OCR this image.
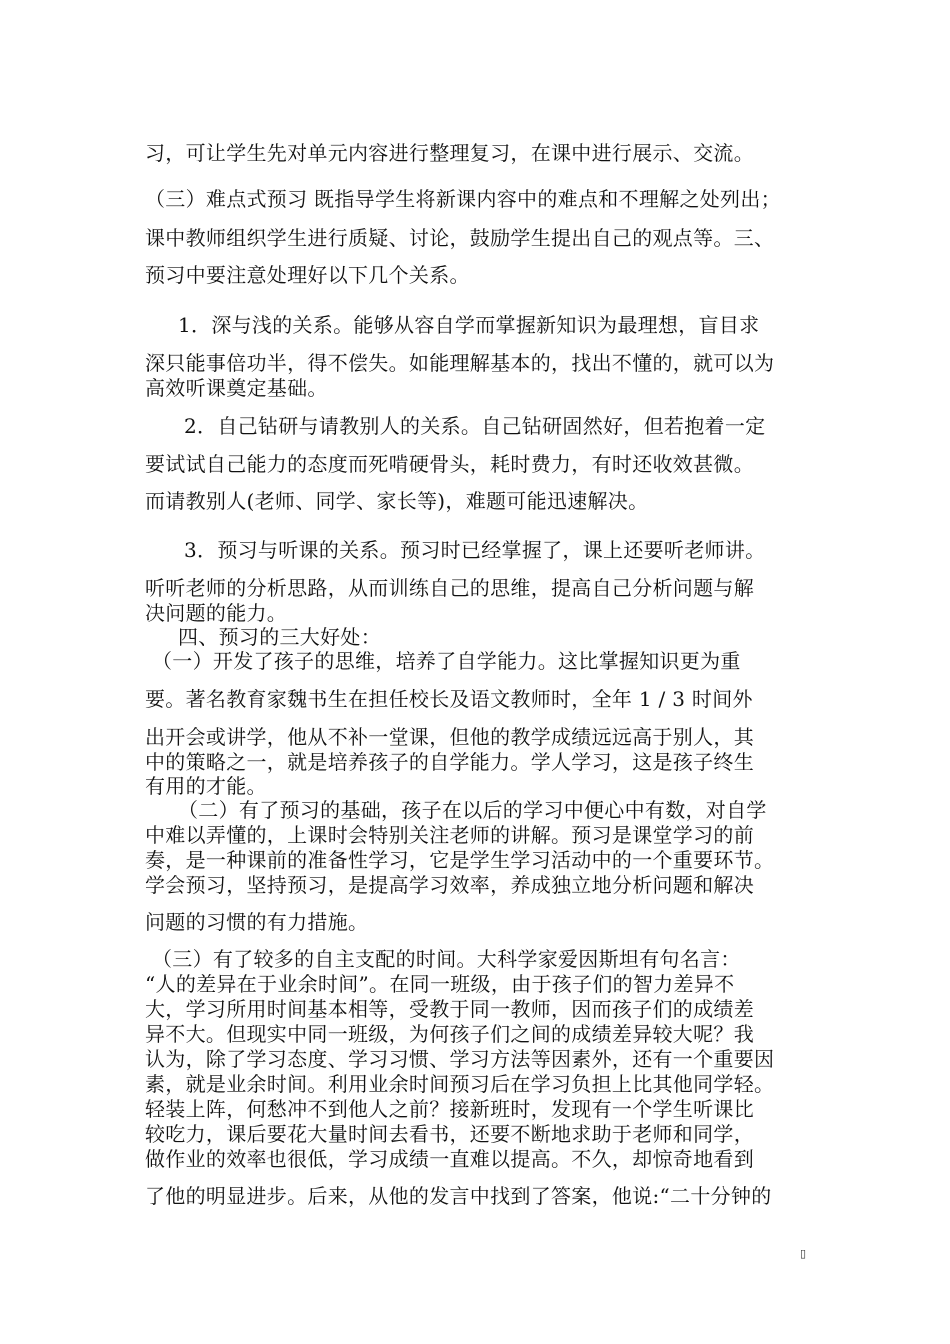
习，可让学生先对单元内容进行整理复习，在课中进行展示、交流。
（三）难点式预习 既指导学生将新课内容中的难点和不理解之处列出；
课中教师组织学生进行质疑、讨论，鼓励学生提出自己的观点等。三、
预习中要注意处理好以下几个关系。
1．深与浅的关系。能够从容自学而掌握新知识为最理想，盲目求
深只能事倍功半，得不偿失。如能理解基本的，找出不懂的，就可以为
高效听课奠定基础。
2．自己钻研与请教别人的关系。自己钻研固然好，但若抱着一定
要试试自己能力的态度而死啃硬骨头，耗时费力，有时还收效甚微。
而请教别人(老师、同学、家长等)，难题可能迅速解决。
3．预习与听课的关系。预习时已经掌握了，课上还要听老师讲。
听听老师的分析思路，从而训练自己的思维，提高自己分析问题与解
决问题的能力。
四、预习的三大好处：
（一）开发了孩子的思维，培养了自学能力。这比掌握知识更为重
要。著名教育家魏书生在担任校长及语文教师时，全年 1 / 3 时间外
出开会或讲学，他从不补一堂课，但他的教学成绩远远高于别人，其
中的策略之一，就是培养孩子的自学能力。学人学习，这是孩子终生
有用的才能。
（二）有了预习的基础，孩子在以后的学习中便心中有数，对自学
中难以弄懂的，上课时会特别关注老师的讲解。预习是课堂学习的前
奏，是一种课前的准备性学习，它是学生学习活动中的一个重要环节。
学会预习，坚持预习，是提高学习效率，养成独立地分析问题和解决
问题的习惯的有力措施。
（三）有了较多的自主支配的时间。大科学家爱因斯坦有句名言：
“人的差异在于业余时间”。在同一班级，由于孩子们的智力差异不
大，学习所用时间基本相等，受教于同一教师，因而孩子们的成绩差
异不大。但现实中同一班级，为何孩子们之间的成绩差异较大呢？我
认为，除了学习态度、学习习惯、学习方法等因素外，还有一个重要因
素，就是业余时间。利用业余时间预习后在学习负担上比其他同学轻。
轻装上阵，何愁冲不到他人之前？接新班时，发现有一个学生听课比
较吃力，课后要花大量时间去看书，还要不断地求助于老师和同学，
做作业的效率也很低，学习成绩一直难以提高。不久，却惊奇地看到
了他的明显进步。后来，从他的发言中找到了答案，他说:“二十分钟的
▯
